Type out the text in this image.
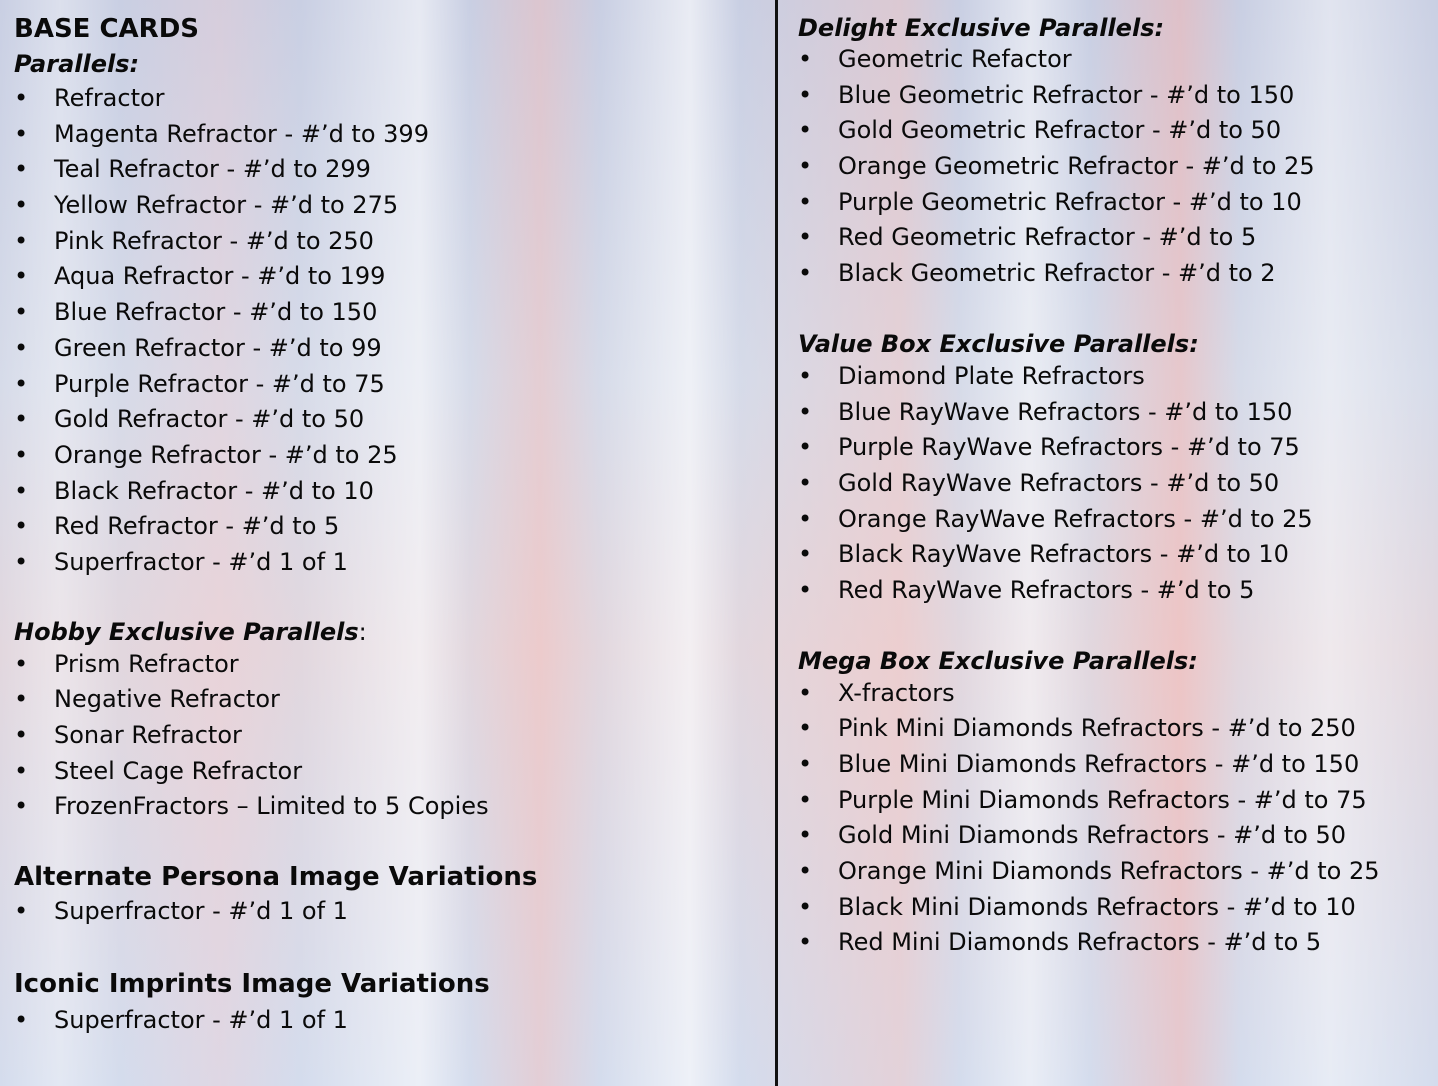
BASE CARDS
Parallels:
• Refractor
• Magenta Refractor - #’d to 399
• Teal Refractor - #’d to 299
• Yellow Refractor - #’d to 275
• Pink Refractor - #’d to 250
• Aqua Refractor - #’d to 199
• Blue Refractor - #’d to 150
• Green Refractor - #’d to 99
• Purple Refractor - #’d to 75
• Gold Refractor - #’d to 50
• Orange Refractor - #’d to 25
• Black Refractor - #’d to 10
• Red Refractor - #’d to 5
• Superfractor - #’d 1 of 1
Hobby Exclusive Parallels:
• Prism Refractor
• Negative Refractor
• Sonar Refractor
• Steel Cage Refractor
• FrozenFractors – Limited to 5 Copies
Alternate Persona Image Variations
• Superfractor - #’d 1 of 1
Iconic Imprints Image Variations
• Superfractor - #’d 1 of 1
Delight Exclusive Parallels:
• Geometric Refactor
• Blue Geometric Refractor - #’d to 150
• Gold Geometric Refractor - #’d to 50
• Orange Geometric Refractor - #’d to 25
• Purple Geometric Refractor - #’d to 10
• Red Geometric Refractor - #’d to 5
• Black Geometric Refractor - #’d to 2
Value Box Exclusive Parallels:
• Diamond Plate Refractors
• Blue RayWave Refractors - #’d to 150
• Purple RayWave Refractors - #’d to 75
• Gold RayWave Refractors - #’d to 50
• Orange RayWave Refractors - #’d to 25
• Black RayWave Refractors - #’d to 10
• Red RayWave Refractors - #’d to 5
Mega Box Exclusive Parallels:
• X-fractors
• Pink Mini Diamonds Refractors - #’d to 250
• Blue Mini Diamonds Refractors - #’d to 150
• Purple Mini Diamonds Refractors - #’d to 75
• Gold Mini Diamonds Refractors - #’d to 50
• Orange Mini Diamonds Refractors - #’d to 25
• Black Mini Diamonds Refractors - #’d to 10
• Red Mini Diamonds Refractors - #’d to 5
